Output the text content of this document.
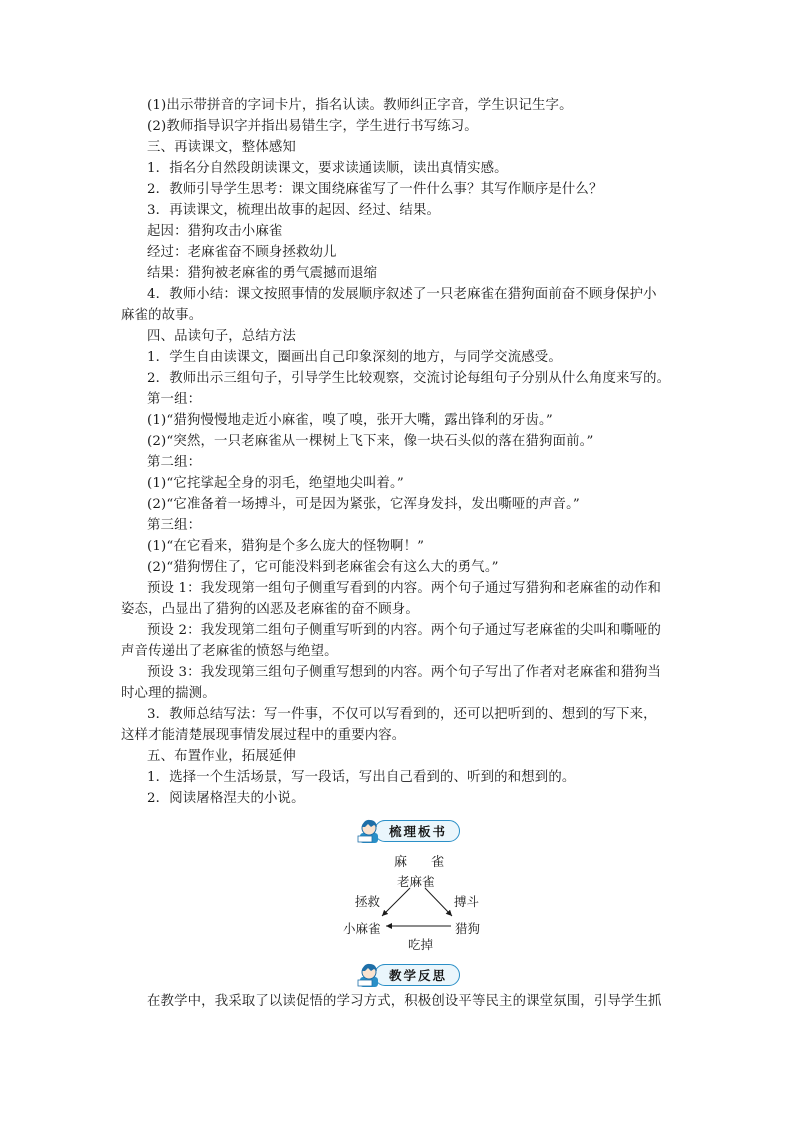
(1)出示带拼音的字词卡片，指名认读。教师纠正字音，学生识记生字。
(2)教师指导识字并指出易错生字，学生进行书写练习。
三、再读课文，整体感知
1．指名分自然段朗读课文，要求读通读顺，读出真情实感。
2．教师引导学生思考：课文围绕麻雀写了一件什么事？其写作顺序是什么？
3．再读课文，梳理出故事的起因、经过、结果。
起因：猎狗攻击小麻雀
经过：老麻雀奋不顾身拯救幼儿
结果：猎狗被老麻雀的勇气震撼而退缩
4．教师小结：课文按照事情的发展顺序叙述了一只老麻雀在猎狗面前奋不顾身保护小
麻雀的故事。
四、品读句子，总结方法
1．学生自由读课文，圈画出自己印象深刻的地方，与同学交流感受。
2．教师出示三组句子，引导学生比较观察，交流讨论每组句子分别从什么角度来写的。
第一组：
(1)“猎狗慢慢地走近小麻雀，嗅了嗅，张开大嘴，露出锋利的牙齿。”
(2)“突然，一只老麻雀从一棵树上飞下来，像一块石头似的落在猎狗面前。”
第二组：
(1)“它挓挲起全身的羽毛，绝望地尖叫着。”
(2)“它准备着一场搏斗，可是因为紧张，它浑身发抖，发出嘶哑的声音。”
第三组：
(1)“在它看来，猎狗是个多么庞大的怪物啊！”
(2)“猎狗愣住了，它可能没料到老麻雀会有这么大的勇气。”
预设 1：我发现第一组句子侧重写看到的内容。两个句子通过写猎狗和老麻雀的动作和
姿态，凸显出了猎狗的凶恶及老麻雀的奋不顾身。
预设 2：我发现第二组句子侧重写听到的内容。两个句子通过写老麻雀的尖叫和嘶哑的
声音传递出了老麻雀的愤怒与绝望。
预设 3：我发现第三组句子侧重写想到的内容。两个句子写出了作者对老麻雀和猎狗当
时心理的揣测。
3．教师总结写法：写一件事，不仅可以写看到的，还可以把听到的、想到的写下来，
这样才能清楚展现事情发展过程中的重要内容。
五、布置作业，拓展延伸
1．选择一个生活场景，写一段话，写出自己看到的、听到的和想到的。
2．阅读屠格涅夫的小说。
梳理板书
麻 雀
老麻雀
拯救	搏斗
小麻雀	猎狗
吃掉
教学反思
在教学中，我采取了以读促悟的学习方式，积极创设平等民主的课堂氛围，引导学生抓
